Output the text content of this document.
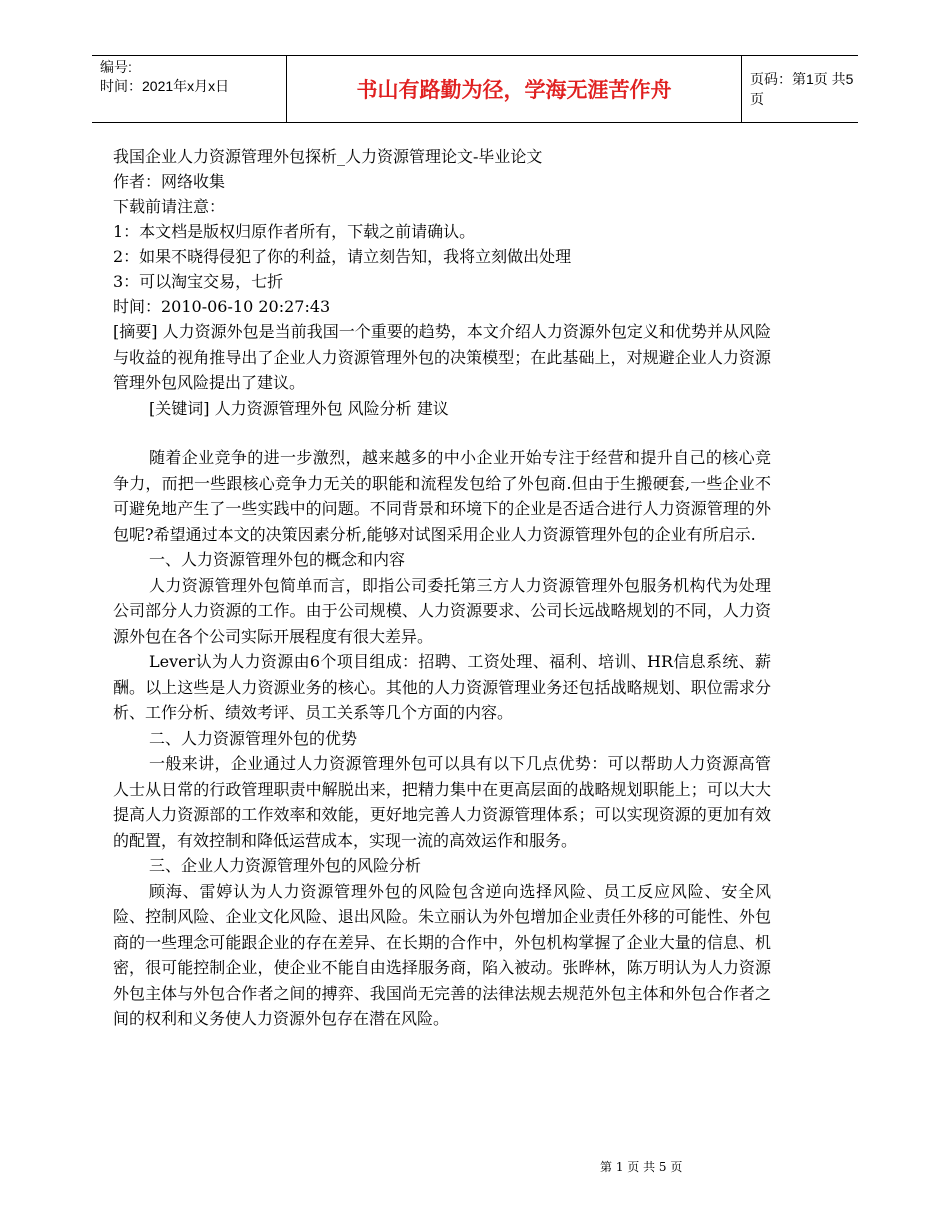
编号:
时间：2021年x月x日	书山有路勤为径，学海无涯苦作舟	页码：第1页 共5页
我国企业人力资源管理外包探析_人力资源管理论文-毕业论文
作者：网络收集
下载前请注意：
1：本文档是版权归原作者所有，下载之前请确认。
2：如果不晓得侵犯了你的利益，请立刻告知，我将立刻做出处理
3：可以淘宝交易，七折
时间：2010-06-10 20:27:43
[摘要] 人力资源外包是当前我国一个重要的趋势，本文介绍人力资源外包定义和优势并从风险与收益的视角推导出了企业人力资源管理外包的决策模型；在此基础上，对规避企业人力资源管理外包风险提出了建议。
[关键词] 人力资源管理外包 风险分析 建议
随着企业竞争的进一步激烈，越来越多的中小企业开始专注于经营和提升自己的核心竞争力，而把一些跟核心竞争力无关的职能和流程发包给了外包商.但由于生搬硬套,一些企业不可避免地产生了一些实践中的问题。不同背景和环境下的企业是否适合进行人力资源管理的外包呢?希望通过本文的决策因素分析,能够对试图采用企业人力资源管理外包的企业有所启示.
一、人力资源管理外包的概念和内容
人力资源管理外包简单而言，即指公司委托第三方人力资源管理外包服务机构代为处理公司部分人力资源的工作。由于公司规模、人力资源要求、公司长远战略规划的不同，人力资源外包在各个公司实际开展程度有很大差异。
Lever认为人力资源由6个项目组成：招聘、工资处理、福利、培训、HR信息系统、薪酬。以上这些是人力资源业务的核心。其他的人力资源管理业务还包括战略规划、职位需求分析、工作分析、绩效考评、员工关系等几个方面的内容。
二、人力资源管理外包的优势
一般来讲，企业通过人力资源管理外包可以具有以下几点优势：可以帮助人力资源高管人士从日常的行政管理职责中解脱出来，把精力集中在更高层面的战略规划职能上；可以大大提高人力资源部的工作效率和效能，更好地完善人力资源管理体系；可以实现资源的更加有效的配置，有效控制和降低运营成本，实现一流的高效运作和服务。
三、企业人力资源管理外包的风险分析
顾海、雷婷认为人力资源管理外包的风险包含逆向选择风险、员工反应风险、安全风险、控制风险、企业文化风险、退出风险。朱立丽认为外包增加企业责任外移的可能性、外包商的一些理念可能跟企业的存在差异、在长期的合作中，外包机构掌握了企业大量的信息、机密，很可能控制企业，使企业不能自由选择服务商，陷入被动。张晔林，陈万明认为人力资源外包主体与外包合作者之间的搏弈、我国尚无完善的法律法规去规范外包主体和外包合作者之间的权利和义务使人力资源外包存在潜在风险。
第 1 页 共 5 页
